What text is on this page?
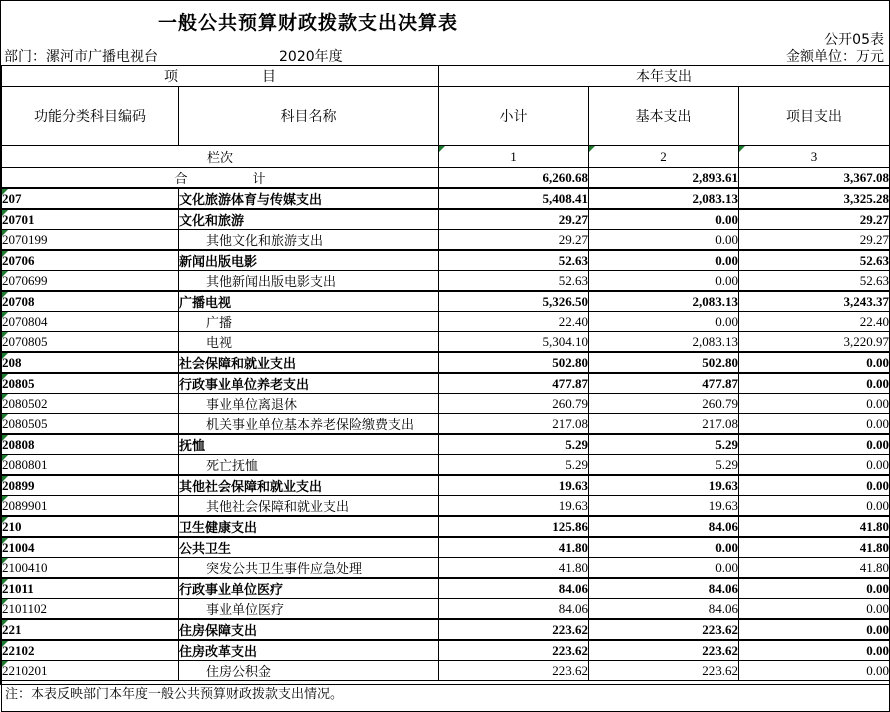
一般公共预算财政拨款支出决算表
公开05表
部门：漯河市广播电视台	2020年度	金额单位：万元
项　　　　　　目		本年支出		
功能分类科目编码	科目名称	小计	基本支出	项目支出
栏次		1	2	3
合　　　　　计		6,260.68	2,893.61	3,367.08
207	文化旅游体育与传媒支出	5,408.41	2,083.13	3,325.28
20701	文化和旅游	29.27	0.00	29.27
2070199	其他文化和旅游支出	29.27	0.00	29.27
20706	新闻出版电影	52.63	0.00	52.63
2070699	其他新闻出版电影支出	52.63	0.00	52.63
20708	广播电视	5,326.50	2,083.13	3,243.37
2070804	广播	22.40	0.00	22.40
2070805	电视	5,304.10	2,083.13	3,220.97
208	社会保障和就业支出	502.80	502.80	0.00
20805	行政事业单位养老支出	477.87	477.87	0.00
2080502	事业单位离退休	260.79	260.79	0.00
2080505	机关事业单位基本养老保险缴费支出	217.08	217.08	0.00
20808	抚恤	5.29	5.29	0.00
2080801	死亡抚恤	5.29	5.29	0.00
20899	其他社会保障和就业支出	19.63	19.63	0.00
2089901	其他社会保障和就业支出	19.63	19.63	0.00
210	卫生健康支出	125.86	84.06	41.80
21004	公共卫生	41.80	0.00	41.80
2100410	突发公共卫生事件应急处理	41.80	0.00	41.80
21011	行政事业单位医疗	84.06	84.06	0.00
2101102	事业单位医疗	84.06	84.06	0.00
221	住房保障支出	223.62	223.62	0.00
22102	住房改革支出	223.62	223.62	0.00
2210201	住房公积金	223.62	223.62	0.00
注：本表反映部门本年度一般公共预算财政拨款支出情况。				
